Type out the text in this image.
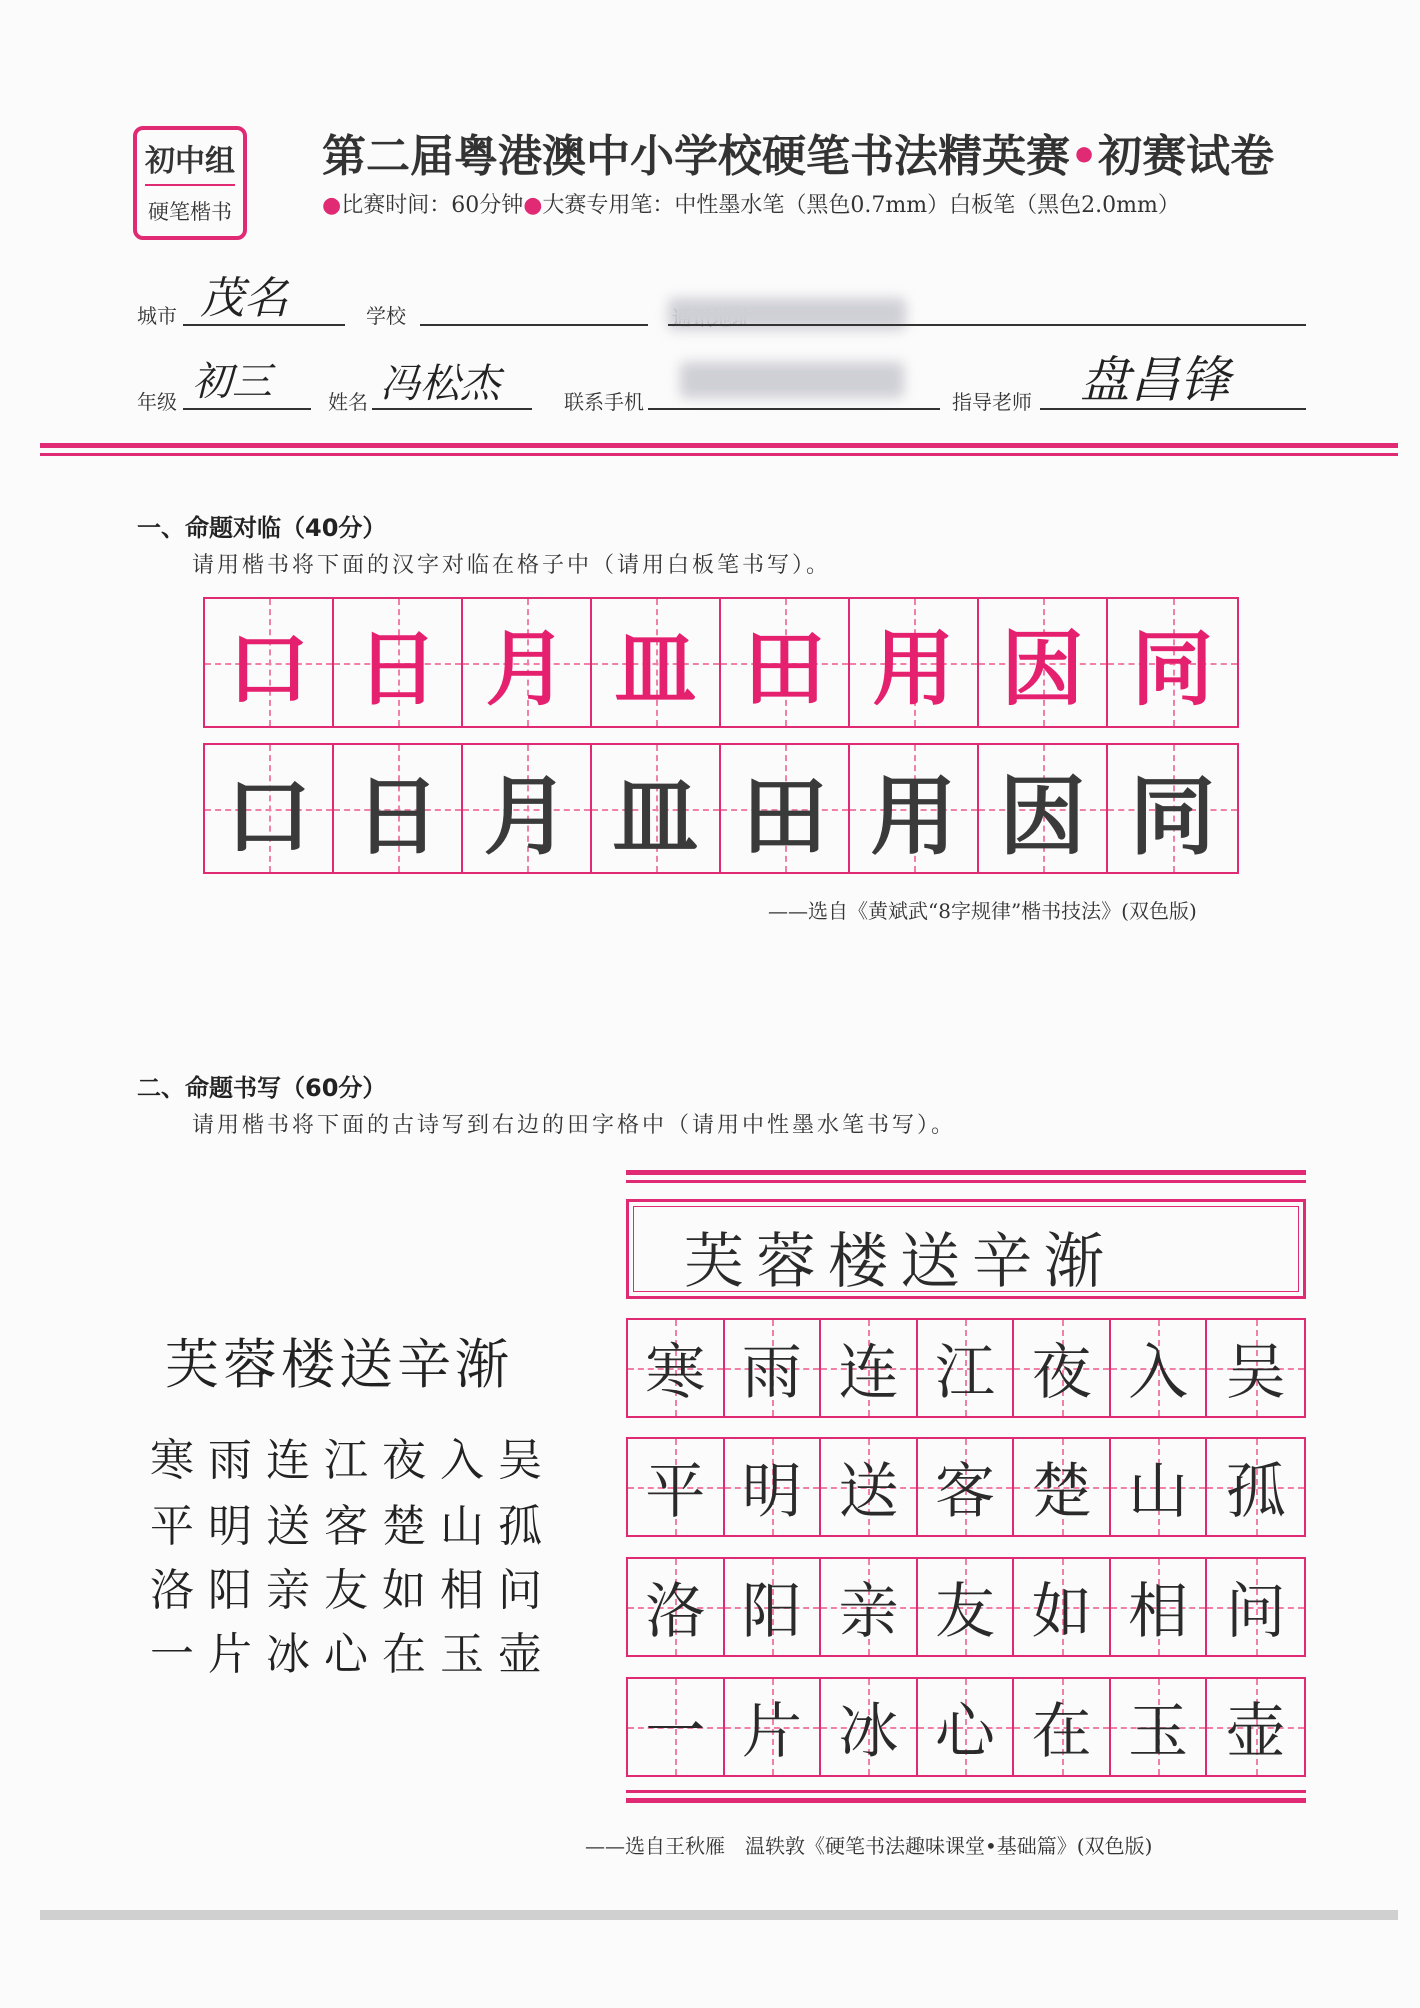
初中组
硬笔楷书
第二届粤港澳中小学校硬笔书法精英赛•初赛试卷
●比赛时间：60分钟●大赛专用笔：中性墨水笔（黑色0.7mm）白板笔（黑色2.0mm）
城市 茂名	学校
年级 初三	姓名 冯松杰	联系手机	指导老师 盘昌锋
一、命题对临（40分）
请用楷书将下面的汉字对临在格子中（请用白板笔书写）。
口 日 月 皿 田 用 因 同
口 日 月 皿 田 用 因 同
——选自《黄斌武“8字规律”楷书技法》(双色版)
二、命题书写（60分）
请用楷书将下面的古诗写到右边的田字格中（请用中性墨水笔书写）。
芙蓉楼送辛渐
寒雨连江夜入吴
平明送客楚山孤
洛阳亲友如相问
一片冰心在玉壶
芙蓉楼送辛渐
寒 雨 连 江 夜 入 吴
平 明 送 客 楚 山 孤
洛 阳 亲 友 如 相 问
一 片 冰 心 在 玉 壶
——选自王秋雁　温轶敦《硬笔书法趣味课堂•基础篇》(双色版)
